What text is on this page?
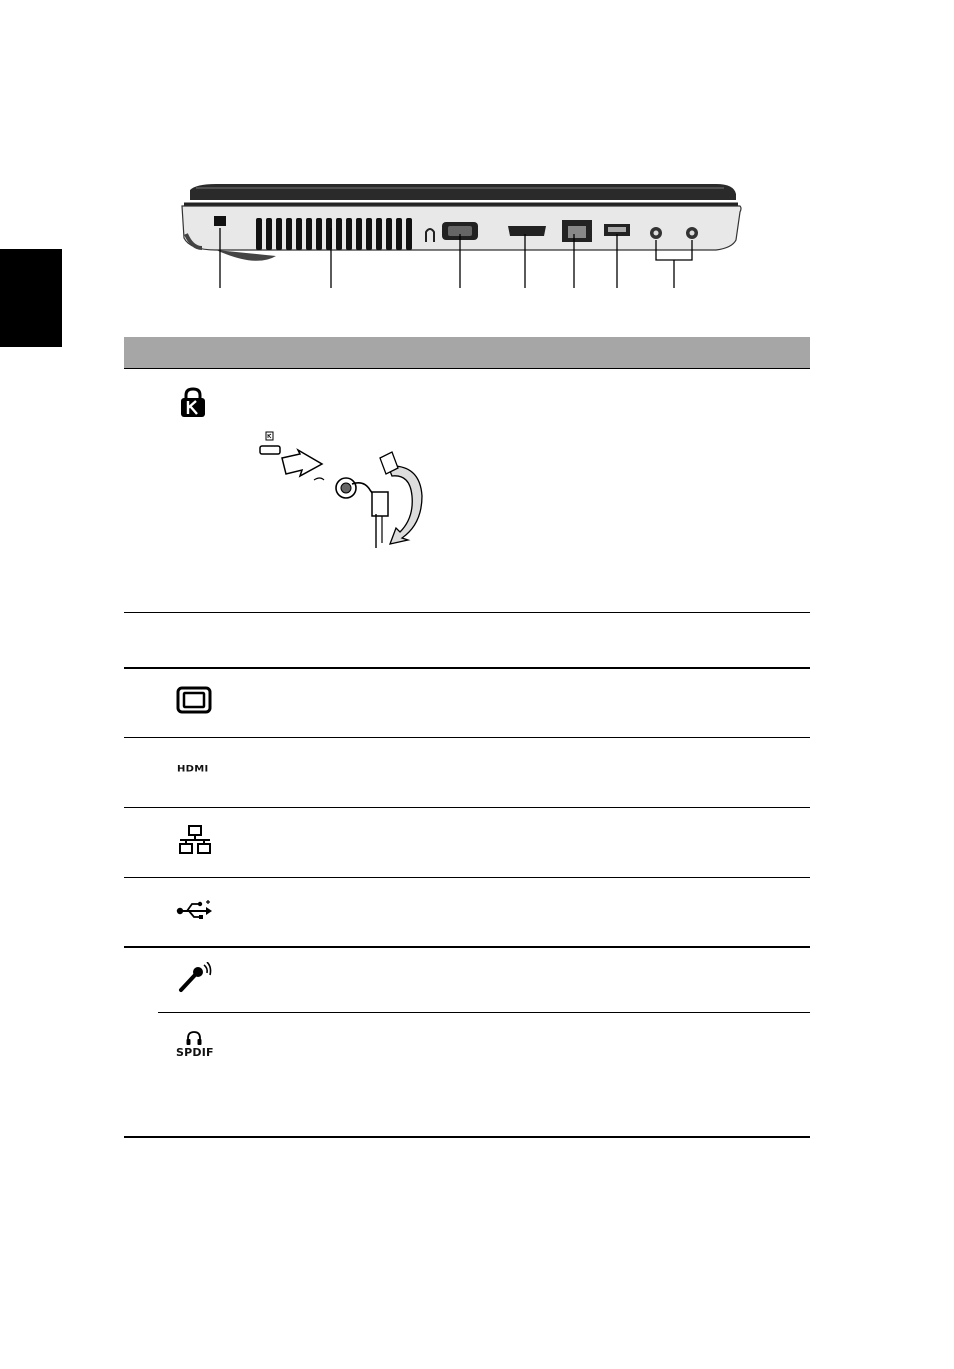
HDMI
SPDIF
